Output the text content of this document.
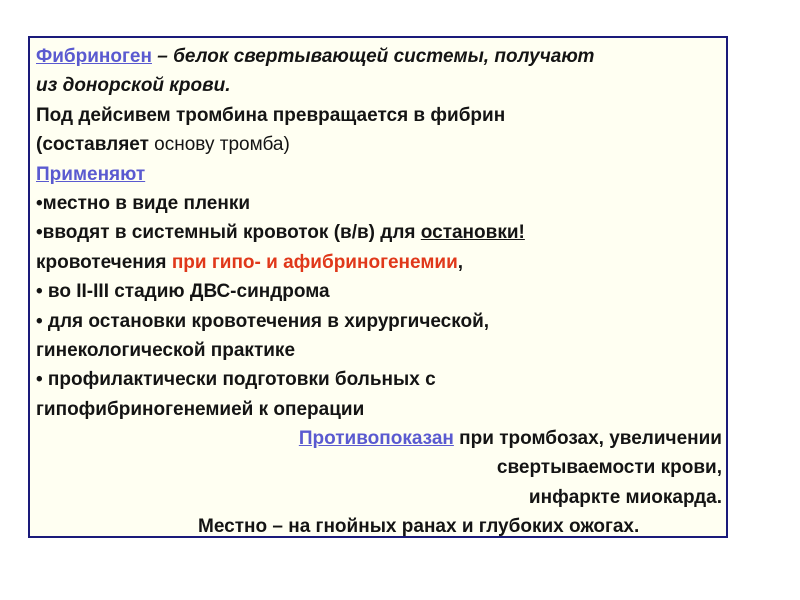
Фибриноген – белок свертывающей системы, получают
из донорской крови.
Под дейсивем тромбина превращается в фибрин
(составляет основу тромба)
Применяют
•местно в виде пленки
•вводят в системный кровоток (в/в) для остановки!
кровотечения при гипо- и афибриногенемии,
• во II-III стадию ДВС-синдрома
• для остановки кровотечения в хирургической,
гинекологической практике
• профилактически подготовки больных с
гипофибриногенемией к операции
Противопоказан при тромбозах, увеличении
свертываемости крови,
инфаркте миокарда.
Местно – на гнойных ранах и глубоких ожогах.
